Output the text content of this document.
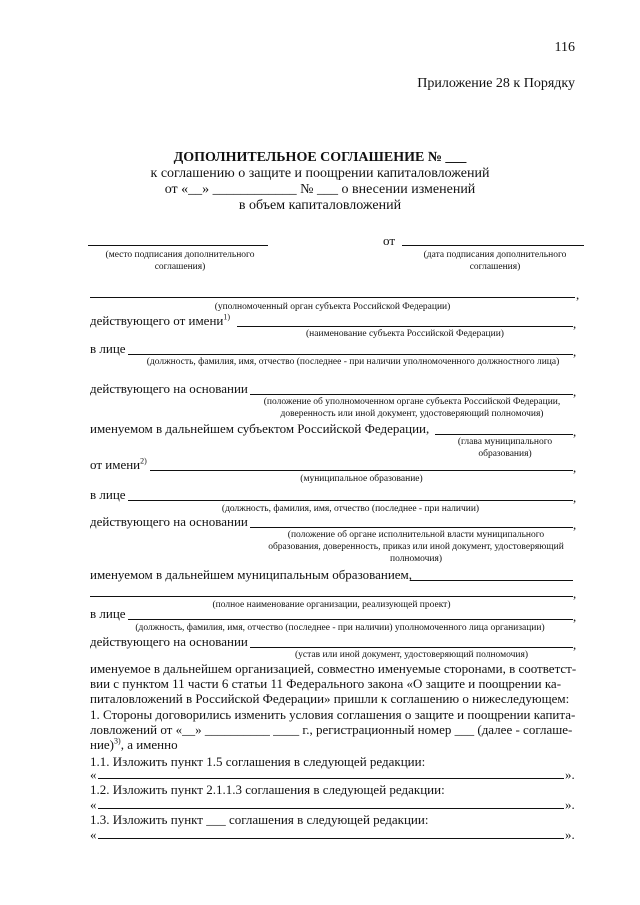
116
Приложение 28 к Порядку
ДОПОЛНИТЕЛЬНОЕ СОГЛАШЕНИЕ № ___
к соглашению о защите и поощрении капиталовложений
от «__» ____________ № ___ о внесении изменений
в объем капиталовложений
от
(место подписания дополнительного соглашения)
(дата подписания дополнительного соглашения)
,
(уполномоченный орган субъекта Российской Федерации)
действующего от имени$^{1)}$	,
(наименование субъекта Российской Федерации)
в лице	,
(должность, фамилия, имя, отчество (последнее - при наличии уполномоченного должностного лица)
действующего на основании	,
(положение об уполномоченном органе субъекта Российской Федерации, доверенность или иной документ, удостоверяющий полномочия)
именуемом в дальнейшем субъектом Российской Федерации,	,
(глава муниципального образования)
от имени$^{2)}$	,
(муниципальное образование)
в лице	,
(должность, фамилия, имя, отчество (последнее - при наличии)
действующего на основании	,
(положение об органе исполнительной власти муниципального образования, доверенность, приказ или иной документ, удостоверяющий полномочия)
именуемом в дальнейшем муниципальным образованием,
,
(полное наименование организации, реализующей проект)
в лице	,
(должность, фамилия, имя, отчество (последнее - при наличии) уполномоченного лица организации)
действующего на основании	,
(устав или иной документ, удостоверяющий полномочия)
именуемое в дальнейшем организацией, совместно именуемые сторонами, в соответст-
вии с пунктом 11 части 6 статьи 11 Федерального закона «О защите и поощрении ка-
питаловложений в Российской Федерации» пришли к соглашению о нижеследующем:
1. Стороны договорились изменить условия соглашения о защите и поощрении капита-
ловложений от «__» __________ ____ г., регистрационный номер ___ (далее - соглаше-
ние)$^{3)}$, а именно
1.1. Изложить пункт 1.5 соглашения в следующей редакции:
«	».
1.2. Изложить пункт 2.1.1.3 соглашения в следующей редакции:
«	».
1.3. Изложить пункт ___ соглашения в следующей редакции:
«	».
